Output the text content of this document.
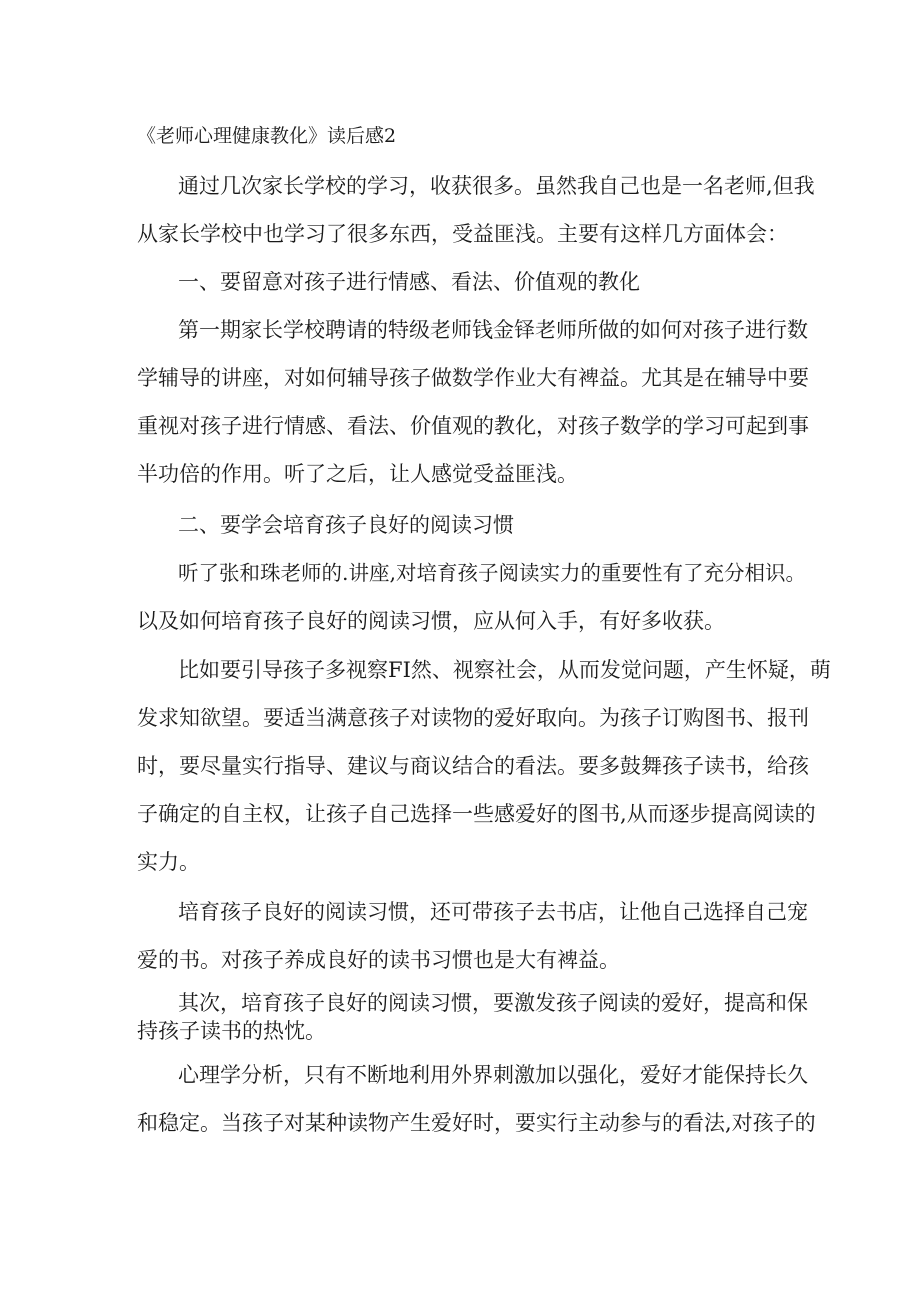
《老师心理健康教化》读后感2
通过几次家长学校的学习，收获很多。虽然我自己也是一名老师,但我
从家长学校中也学习了很多东西，受益匪浅。主要有这样几方面体会：
一、要留意对孩子进行情感、看法、价值观的教化
第一期家长学校聘请的特级老师钱金铎老师所做的如何对孩子进行数
学辅导的讲座，对如何辅导孩子做数学作业大有裨益。尤其是在辅导中要
重视对孩子进行情感、看法、价值观的教化，对孩子数学的学习可起到事
半功倍的作用。听了之后，让人感觉受益匪浅。
二、要学会培育孩子良好的阅读习惯
听了张和珠老师的.讲座,对培育孩子阅读实力的重要性有了充分相识。
以及如何培育孩子良好的阅读习惯，应从何入手，有好多收获。
比如要引导孩子多视察FI然、视察社会，从而发觉问题，产生怀疑，萌
发求知欲望。要适当满意孩子对读物的爱好取向。为孩子订购图书、报刊
时，要尽量实行指导、建议与商议结合的看法。要多鼓舞孩子读书，给孩
子确定的自主权，让孩子自己选择一些感爱好的图书,从而逐步提高阅读的
实力。
培育孩子良好的阅读习惯，还可带孩子去书店，让他自己选择自己宠
爱的书。对孩子养成良好的读书习惯也是大有裨益。
其次，培育孩子良好的阅读习惯，要激发孩子阅读的爱好，提高和保
持孩子读书的热忱。
心理学分析，只有不断地利用外界刺激加以强化，爱好才能保持长久
和稳定。当孩子对某种读物产生爱好时，要实行主动参与的看法,对孩子的
